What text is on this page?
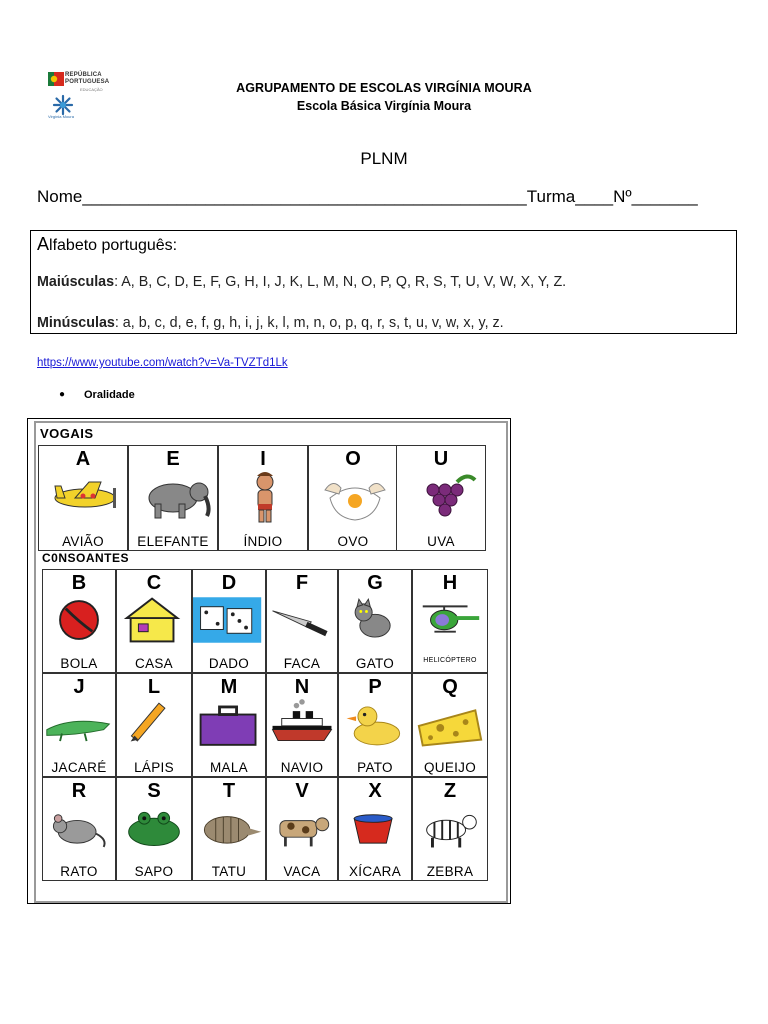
REPÚBLICA
PORTUGUESA
EDUCAÇÃO
Virgínia Moura
AGRUPAMENTO DE ESCOLAS VIRGÍNIA MOURA
Escola Básica Virgínia Moura
PLNM
Nome_______________________________________________Turma____Nº_______
Alfabeto português:
Maiúsculas: A, B, C, D, E, F, G, H, I, J, K, L, M, N, O, P, Q, R, S, T, U, V, W, X, Y, Z.
Minúsculas: a, b, c, d, e, f, g, h, i, j, k, l, m, n, o, p, q, r, s, t, u, v, w, x, y, z.
https://www.youtube.com/watch?v=Va-TVZTd1Lk
● Oralidade
VOGAIS
C0NSOANTES
A
AVIÃO
E
ELEFANTE
I
ÍNDIO
O
OVO
U
UVA
B
BOLA
C
CASA
D
DADO
F
FACA
G
GATO
H
HELICÓPTERO
J
JACARÉ
L
LÁPIS
M
MALA
N
NAVIO
P
PATO
Q
QUEIJO
R
RATO
S
SAPO
T
TATU
V
VACA
X
XÍCARA
Z
ZEBRA
